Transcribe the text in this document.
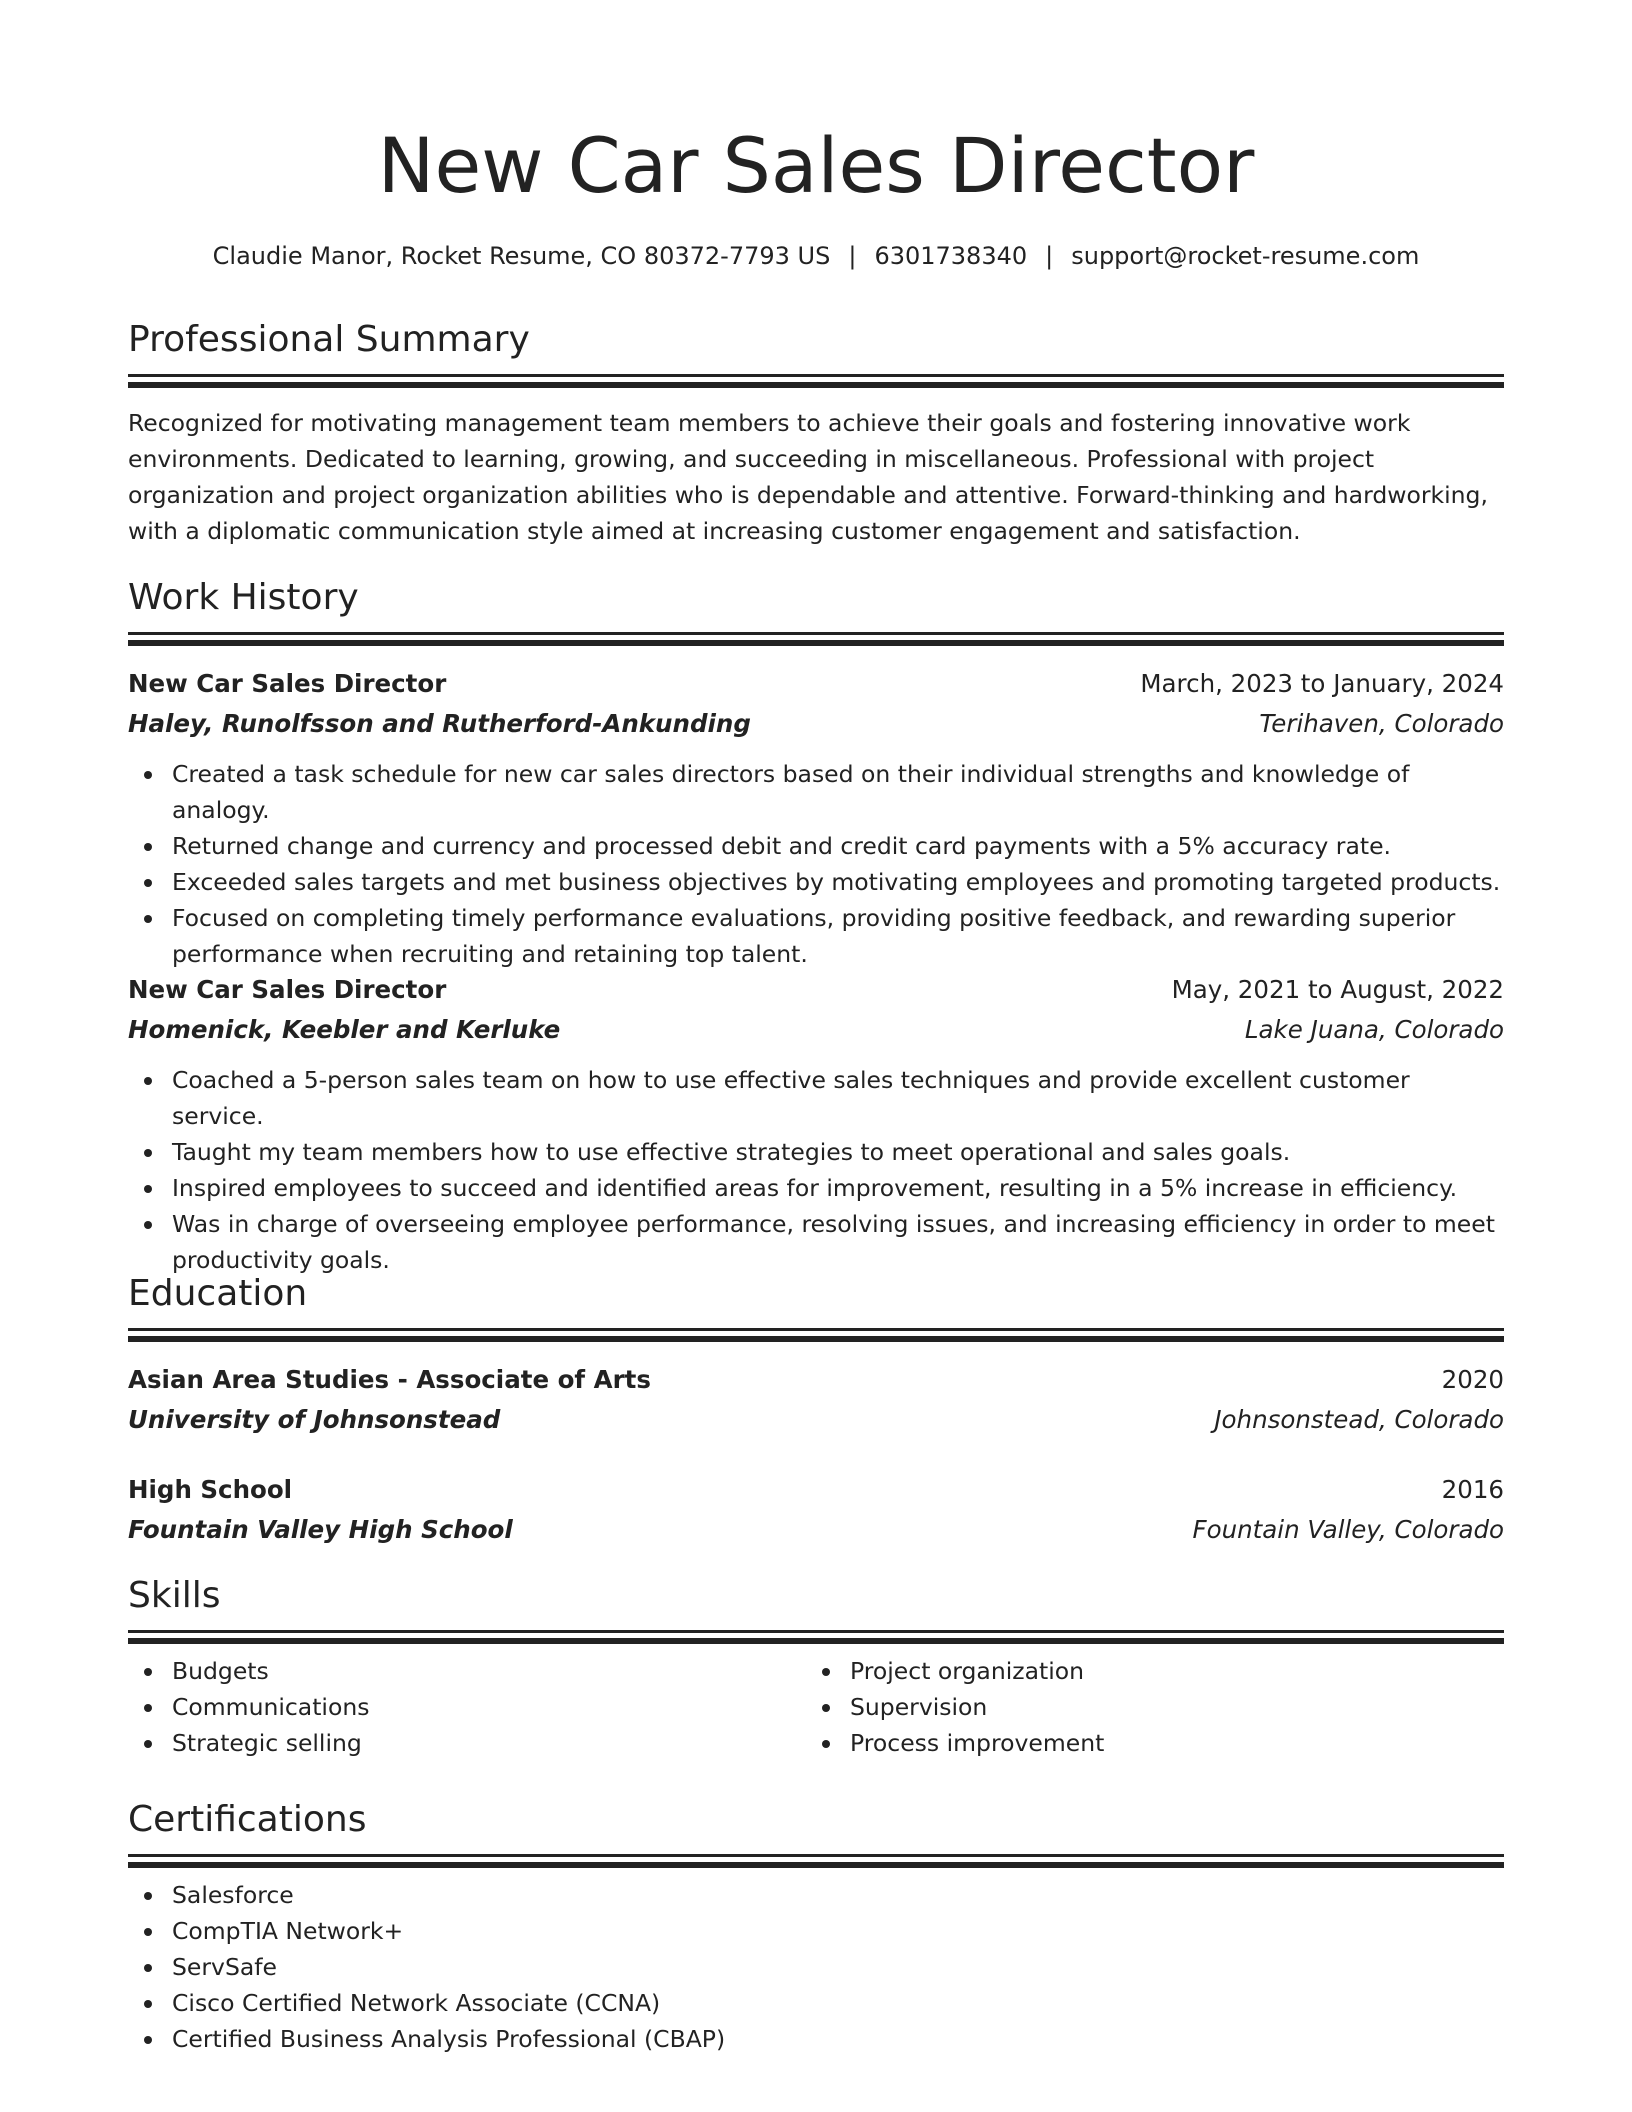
New Car Sales Director
Claudie Manor, Rocket Resume, CO 80372-7793 US | 6301738340 | support@rocket-resume.com
Professional Summary
Recognized for motivating management team members to achieve their goals and fostering innovative work environments. Dedicated to learning, growing, and succeeding in miscellaneous. Professional with project organization and project organization abilities who is dependable and attentive. Forward-thinking and hardworking, with a diplomatic communication style aimed at increasing customer engagement and satisfaction.
Work History
New Car Sales Director	March, 2023 to January, 2024
Haley, Runolfsson and Rutherford-Ankunding	Terihaven, Colorado
Created a task schedule for new car sales directors based on their individual strengths and knowledge of analogy.
Returned change and currency and processed debit and credit card payments with a 5% accuracy rate.
Exceeded sales targets and met business objectives by motivating employees and promoting targeted products.
Focused on completing timely performance evaluations, providing positive feedback, and rewarding superior performance when recruiting and retaining top talent.
New Car Sales Director	May, 2021 to August, 2022
Homenick, Keebler and Kerluke	Lake Juana, Colorado
Coached a 5-person sales team on how to use effective sales techniques and provide excellent customer service.
Taught my team members how to use effective strategies to meet operational and sales goals.
Inspired employees to succeed and identified areas for improvement, resulting in a 5% increase in efficiency.
Was in charge of overseeing employee performance, resolving issues, and increasing efficiency in order to meet productivity goals.
Education
Asian Area Studies - Associate of Arts	2020
University of Johnsonstead	Johnsonstead, Colorado
High School	2016
Fountain Valley High School	Fountain Valley, Colorado
Skills
Budgets
Communications
Strategic selling
Project organization
Supervision
Process improvement
Certifications
Salesforce
CompTIA Network+
ServSafe
Cisco Certified Network Associate (CCNA)
Certified Business Analysis Professional (CBAP)
